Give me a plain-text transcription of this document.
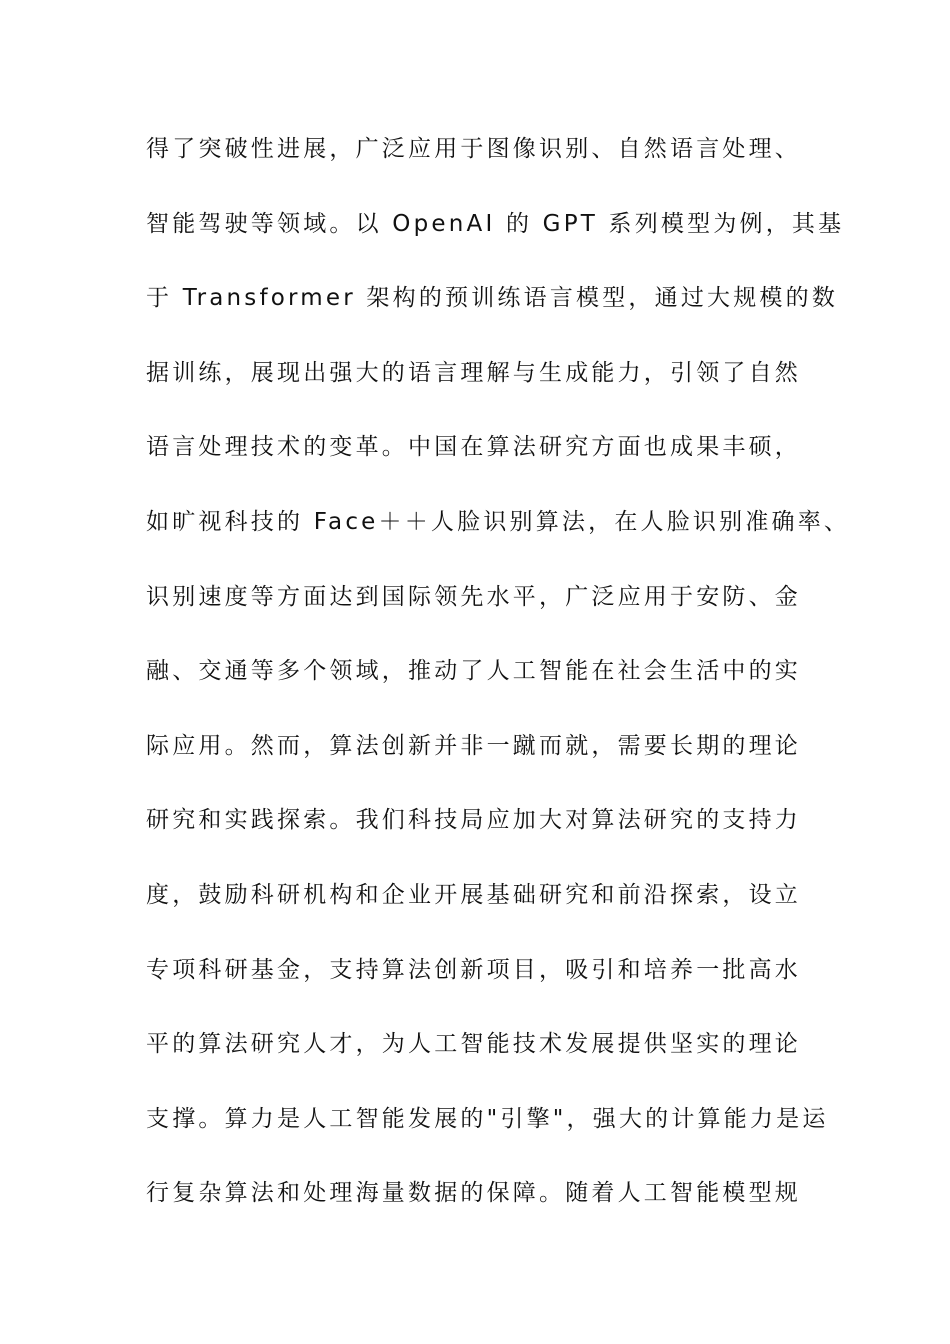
得了突破性进展，广泛应用于图像识别、自然语言处理、
智能驾驶等领域。以 OpenAI 的 GPT 系列模型为例，其基
于 Transformer 架构的预训练语言模型，通过大规模的数
据训练，展现出强大的语言理解与生成能力，引领了自然
语言处理技术的变革。中国在算法研究方面也成果丰硕，
如旷视科技的 Face＋＋人脸识别算法，在人脸识别准确率、
识别速度等方面达到国际领先水平，广泛应用于安防、金
融、交通等多个领域，推动了人工智能在社会生活中的实
际应用。然而，算法创新并非一蹴而就，需要长期的理论
研究和实践探索。我们科技局应加大对算法研究的支持力
度，鼓励科研机构和企业开展基础研究和前沿探索，设立
专项科研基金，支持算法创新项目，吸引和培养一批高水
平的算法研究人才，为人工智能技术发展提供坚实的理论
支撑。算力是人工智能发展的"引擎"，强大的计算能力是运
行复杂算法和处理海量数据的保障。随着人工智能模型规
